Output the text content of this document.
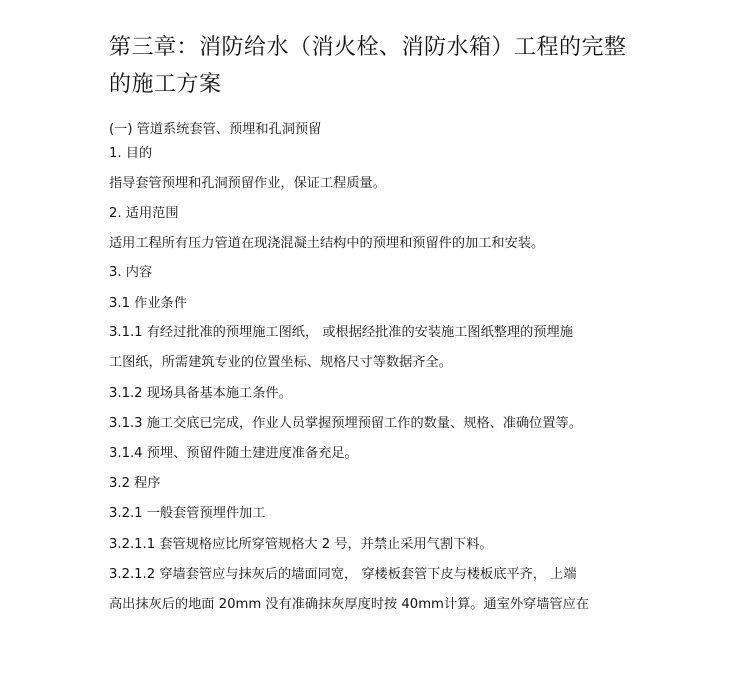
第三章：消防给水（消火栓、消防水箱）工程的完整
的施工方案

(一) 管道系统套管、预埋和孔洞预留

1. 目的

指导套管预埋和孔洞预留作业，保证工程质量。

2. 适用范围

适用工程所有压力管道在现浇混凝土结构中的预埋和预留件的加工和安装。

3. 内容

3.1 作业条件

3.1.1 有经过批准的预埋施工图纸， 或根据经批准的安装施工图纸整理的预埋施

工图纸，所需建筑专业的位置坐标、规格尺寸等数据齐全。

3.1.2 现场具备基本施工条件。

3.1.3 施工交底已完成，作业人员掌握预埋预留工作的数量、规格、准确位置等。

3.1.4 预埋、预留件随土建进度准备充足。

3.2 程序

3.2.1 一般套管预埋件加工

3.2.1.1 套管规格应比所穿管规格大 2 号，并禁止采用气割下料。

3.2.1.2 穿墙套管应与抹灰后的墙面同宽， 穿楼板套管下皮与楼板底平齐， 上端

高出抹灰后的地面 20mm 没有准确抹灰厚度时按 40mm计算。通室外穿墙管应在
